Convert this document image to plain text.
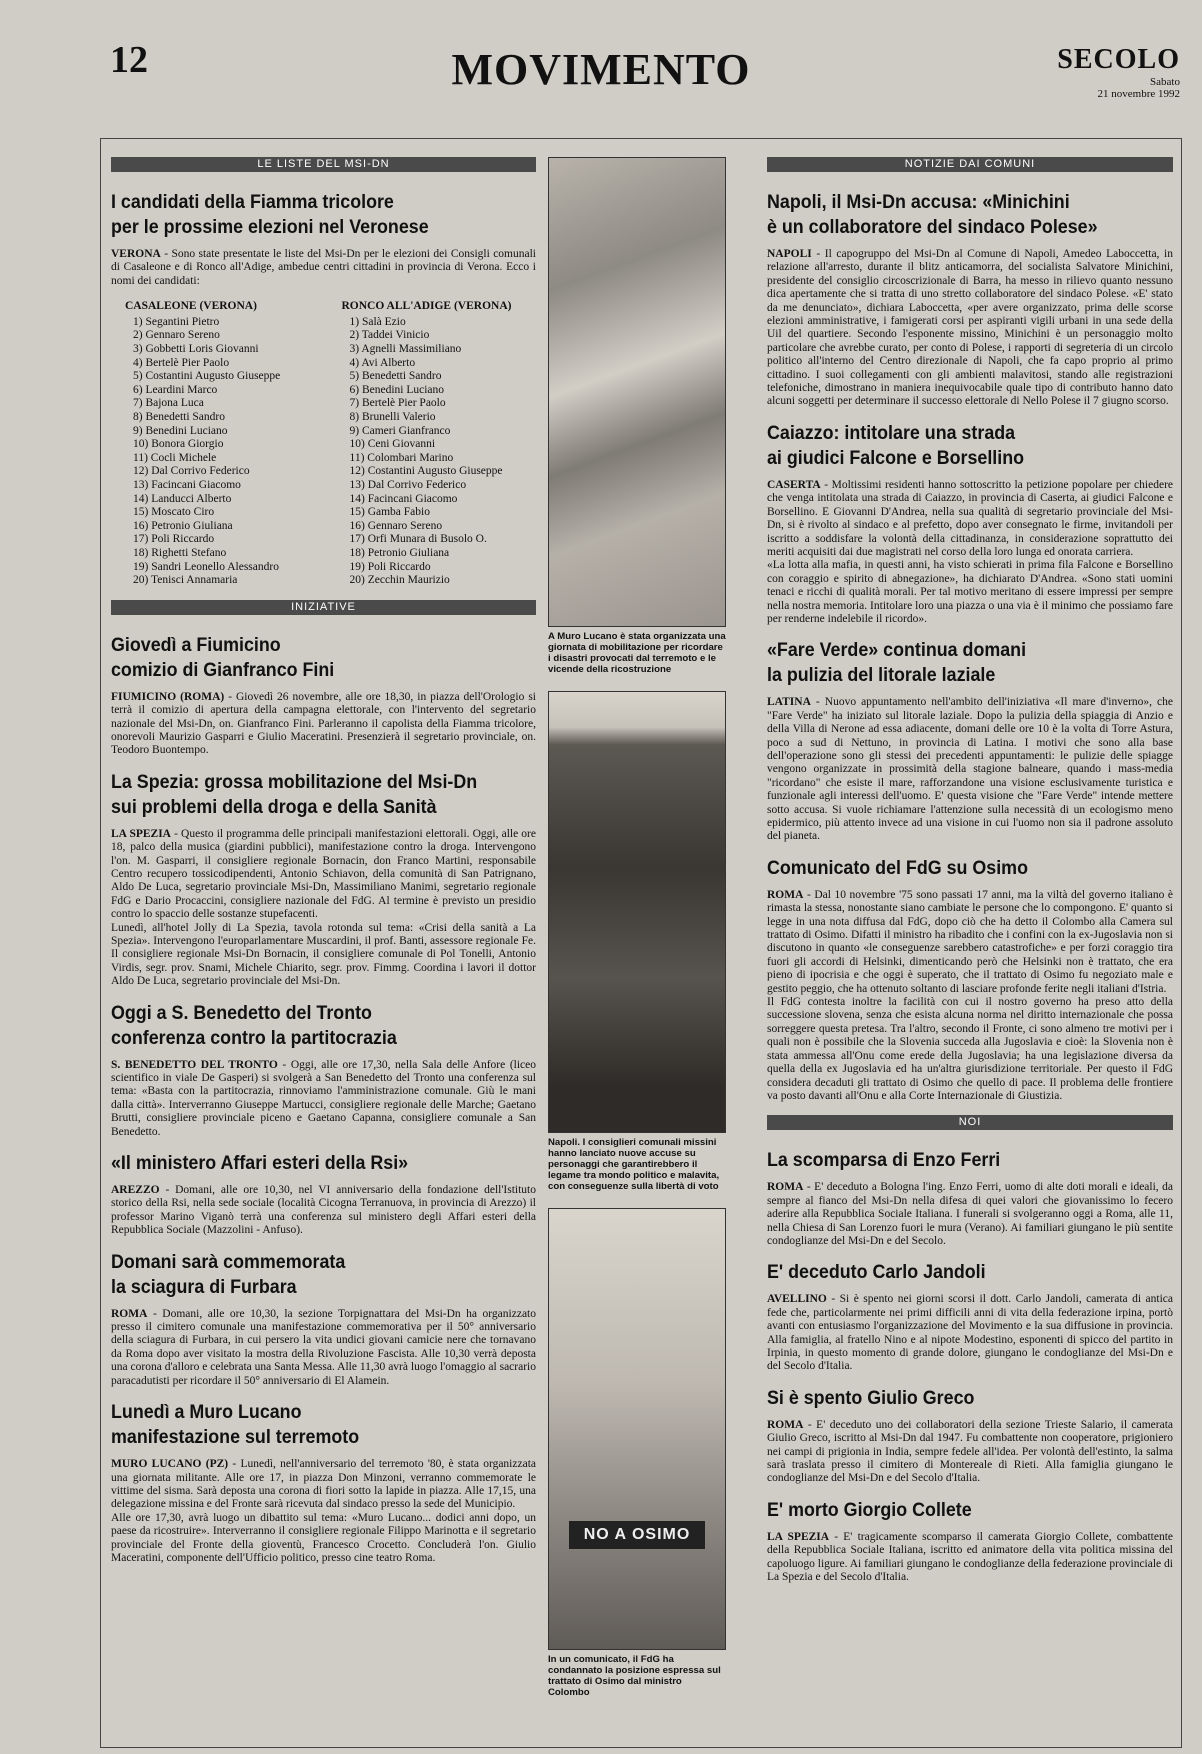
12	MOVIMENTO	SECOLO
Sabato
21 novembre 1992
LE LISTE DEL MSI-DN
I candidati della Fiamma tricolore
per le prossime elezioni nel Veronese

VERONA - Sono state presentate le liste del Msi-Dn per le elezioni dei Consigli comunali di Casaleone e di Ronco all'Adige, ambedue centri cittadini in provincia di Verona. Ecco i nomi dei candidati:

CASALEONE (VERONA)
1) Segantini Pietro
2) Gennaro Sereno
3) Gobbetti Loris Giovanni
4) Bertelè Pier Paolo
5) Costantini Augusto Giuseppe
6) Leardini Marco
7) Bajona Luca
8) Benedetti Sandro
9) Benedini Luciano
10) Bonora Giorgio
11) Cocli Michele
12) Dal Corrivo Federico
13) Facincani Giacomo
14) Landucci Alberto
15) Moscato Ciro
16) Petronio Giuliana
17) Poli Riccardo
18) Righetti Stefano
19) Sandri Leonello Alessandro
20) Tenisci Annamaria
RONCO ALL'ADIGE (VERONA)
1) Salà Ezio
2) Taddei Vinicio
3) Agnelli Massimiliano
4) Avi Alberto
5) Benedetti Sandro
6) Benedini Luciano
7) Bertelè Pier Paolo
8) Brunelli Valerio
9) Cameri Gianfranco
10) Ceni Giovanni
11) Colombari Marino
12) Costantini Augusto Giuseppe
13) Dal Corrivo Federico
14) Facincani Giacomo
15) Gamba Fabio
16) Gennaro Sereno
17) Orfi Munara di Busolo O.
18) Petronio Giuliana
19) Poli Riccardo
20) Zecchin Maurizio
INIZIATIVE
Giovedì a Fiumicino
comizio di Gianfranco Fini

FIUMICINO (ROMA) - Giovedì 26 novembre, alle ore 18,30, in piazza dell'Orologio si terrà il comizio di apertura della campagna elettorale, con l'intervento del segretario nazionale del Msi-Dn, on. Gianfranco Fini. Parleranno il capolista della Fiamma tricolore, onorevoli Maurizio Gasparri e Giulio Maceratini. Presenzierà il segretario provinciale, on. Teodoro Buontempo.

La Spezia: grossa mobilitazione del Msi-Dn
sui problemi della droga e della Sanità

LA SPEZIA - Questo il programma delle principali manifestazioni elettorali. Oggi, alle ore 18, palco della musica (giardini pubblici), manifestazione contro la droga. Intervengono l'on. M. Gasparri, il consigliere regionale Bornacin, don Franco Martini, responsabile Centro recupero tossicodipendenti, Antonio Schiavon, della comunità di San Patrignano, Aldo De Luca, segretario provinciale Msi-Dn, Massimiliano Manimi, segretario regionale FdG e Dario Procaccini, consigliere nazionale del FdG. Al termine è previsto un presidio contro lo spaccio delle sostanze stupefacenti.

Lunedì, all'hotel Jolly di La Spezia, tavola rotonda sul tema: «Crisi della sanità a La Spezia». Intervengono l'europarlamentare Muscardini, il prof. Banti, assessore regionale Fe. Il consigliere regionale Msi-Dn Bornacin, il consigliere comunale di Pol Tonelli, Antonio Virdis, segr. prov. Snami, Michele Chiarito, segr. prov. Fimmg. Coordina i lavori il dottor Aldo De Luca, segretario provinciale del Msi-Dn.

Oggi a S. Benedetto del Tronto
conferenza contro la partitocrazia

S. BENEDETTO DEL TRONTO - Oggi, alle ore 17,30, nella Sala delle Anfore (liceo scientifico in viale De Gasperi) si svolgerà a San Benedetto del Tronto una conferenza sul tema: «Basta con la partitocrazia, rinnoviamo l'amministrazione comunale. Giù le mani dalla città». Interverranno Giuseppe Martucci, consigliere regionale delle Marche; Gaetano Brutti, consigliere provinciale piceno e Gaetano Capanna, consigliere comunale a San Benedetto.

«Il ministero Affari esteri della Rsi»

AREZZO - Domani, alle ore 10,30, nel VI anniversario della fondazione dell'Istituto storico della Rsi, nella sede sociale (località Cicogna Terranuova, in provincia di Arezzo) il professor Marino Viganò terrà una conferenza sul ministero degli Affari esteri della Repubblica Sociale (Mazzolini - Anfuso).

Domani sarà commemorata
la sciagura di Furbara

ROMA - Domani, alle ore 10,30, la sezione Torpignattara del Msi-Dn ha organizzato presso il cimitero comunale una manifestazione commemorativa per il 50° anniversario della sciagura di Furbara, in cui persero la vita undici giovani camicie nere che tornavano da Roma dopo aver visitato la mostra della Rivoluzione Fascista. Alle 10,30 verrà deposta una corona d'alloro e celebrata una Santa Messa. Alle 11,30 avrà luogo l'omaggio al sacrario paracadutisti per ricordare il 50° anniversario di El Alamein.

Lunedì a Muro Lucano
manifestazione sul terremoto

MURO LUCANO (PZ) - Lunedì, nell'anniversario del terremoto '80, è stata organizzata una giornata militante. Alle ore 17, in piazza Don Minzoni, verranno commemorate le vittime del sisma. Sarà deposta una corona di fiori sotto la lapide in piazza. Alle 17,15, una delegazione missina e del Fronte sarà ricevuta dal sindaco presso la sede del Municipio.

Alle ore 17,30, avrà luogo un dibattito sul tema: «Muro Lucano... dodici anni dopo, un paese da ricostruire». Interverranno il consigliere regionale Filippo Marinotta e il segretario provinciale del Fronte della gioventù, Francesco Crocetto. Concluderà l'on. Giulio Maceratini, componente dell'Ufficio politico, presso cine teatro Roma.

A Muro Lucano è stata organizzata una giornata di mobilitazione per ricordare i disastri provocati dal terremoto e le vicende della ricostruzione
Napoli. I consiglieri comunali missini hanno lanciato nuove accuse su personaggi che garantirebbero il legame tra mondo politico e malavita, con conseguenze sulla libertà di voto
NO A OSIMO
In un comunicato, il FdG ha condannato la posizione espressa sul trattato di Osimo dal ministro Colombo
NOTIZIE DAI COMUNI
Napoli, il Msi-Dn accusa: «Minichini
è un collaboratore del sindaco Polese»

NAPOLI - Il capogruppo del Msi-Dn al Comune di Napoli, Amedeo Laboccetta, in relazione all'arresto, durante il blitz anticamorra, del socialista Salvatore Minichini, presidente del consiglio circoscrizionale di Barra, ha messo in rilievo quanto nessuno dica apertamente che si tratta di uno stretto collaboratore del sindaco Polese. «E' stato da me denunciato», dichiara Laboccetta, «per avere organizzato, prima delle scorse elezioni amministrative, i famigerati corsi per aspiranti vigili urbani in una sede della Uil del quartiere. Secondo l'esponente missino, Minichini è un personaggio molto particolare che avrebbe curato, per conto di Polese, i rapporti di segreteria di un circolo politico all'interno del Centro direzionale di Napoli, che fa capo proprio al primo cittadino. I suoi collegamenti con gli ambienti malavitosi, stando alle registrazioni telefoniche, dimostrano in maniera inequivocabile quale tipo di contributo hanno dato alcuni soggetti per determinare il successo elettorale di Nello Polese il 7 giugno scorso.

Caiazzo: intitolare una strada
ai giudici Falcone e Borsellino

CASERTA - Moltissimi residenti hanno sottoscritto la petizione popolare per chiedere che venga intitolata una strada di Caiazzo, in provincia di Caserta, ai giudici Falcone e Borsellino. E Giovanni D'Andrea, nella sua qualità di segretario provinciale del Msi-Dn, si è rivolto al sindaco e al prefetto, dopo aver consegnato le firme, invitandoli per iscritto a soddisfare la volontà della cittadinanza, in considerazione soprattutto dei meriti acquisiti dai due magistrati nel corso della loro lunga ed onorata carriera.

«La lotta alla mafia, in questi anni, ha visto schierati in prima fila Falcone e Borsellino con coraggio e spirito di abnegazione», ha dichiarato D'Andrea. «Sono stati uomini tenaci e ricchi di qualità morali. Per tal motivo meritano di essere impressi per sempre nella nostra memoria. Intitolare loro una piazza o una via è il minimo che possiamo fare per renderne indelebile il ricordo».

«Fare Verde» continua domani
la pulizia del litorale laziale

LATINA - Nuovo appuntamento nell'ambito dell'iniziativa «Il mare d'inverno», che "Fare Verde" ha iniziato sul litorale laziale. Dopo la pulizia della spiaggia di Anzio e della Villa di Nerone ad essa adiacente, domani delle ore 10 è la volta di Torre Astura, poco a sud di Nettuno, in provincia di Latina. I motivi che sono alla base dell'operazione sono gli stessi dei precedenti appuntamenti: le pulizie delle spiagge vengono organizzate in prossimità della stagione balneare, quando i mass-media "ricordano" che esiste il mare, rafforzandone una visione esclusivamente turistica e funzionale agli interessi dell'uomo. E' questa visione che "Fare Verde" intende mettere sotto accusa. Si vuole richiamare l'attenzione sulla necessità di un ecologismo meno epidermico, più attento invece ad una visione in cui l'uomo non sia il padrone assoluto del pianeta.

Comunicato del FdG su Osimo

ROMA - Dal 10 novembre '75 sono passati 17 anni, ma la viltà del governo italiano è rimasta la stessa, nonostante siano cambiate le persone che lo compongono. E' quanto si legge in una nota diffusa dal FdG, dopo ciò che ha detto il Colombo alla Camera sul trattato di Osimo. Difatti il ministro ha ribadito che i confini con la ex-Jugoslavia non si discutono in quanto «le conseguenze sarebbero catastrofiche» e per forzi coraggio tira fuori gli accordi di Helsinki, dimenticando però che Helsinki non è trattato, che era pieno di ipocrisia e che oggi è superato, che il trattato di Osimo fu negoziato male e gestito peggio, che ha ottenuto soltanto di lasciare profonde ferite negli italiani d'Istria.

Il FdG contesta inoltre la facilità con cui il nostro governo ha preso atto della successione slovena, senza che esista alcuna norma nel diritto internazionale che possa sorreggere questa pretesa. Tra l'altro, secondo il Fronte, ci sono almeno tre motivi per i quali non è possibile che la Slovenia succeda alla Jugoslavia e cioè: la Slovenia non è stata ammessa all'Onu come erede della Jugoslavia; ha una legislazione diversa da quella della ex Jugoslavia ed ha un'altra giurisdizione territoriale. Per questo il FdG considera decaduti gli trattato di Osimo che quello di pace. Il problema delle frontiere va posto davanti all'Onu e alla Corte Internazionale di Giustizia.

NOI
La scomparsa di Enzo Ferri

ROMA - E' deceduto a Bologna l'ing. Enzo Ferri, uomo di alte doti morali e ideali, da sempre al fianco del Msi-Dn nella difesa di quei valori che giovanissimo lo fecero aderire alla Repubblica Sociale Italiana. I funerali si svolgeranno oggi a Roma, alle 11, nella Chiesa di San Lorenzo fuori le mura (Verano). Ai familiari giungano le più sentite condoglianze del Msi-Dn e del Secolo.

E' deceduto Carlo Jandoli

AVELLINO - Si è spento nei giorni scorsi il dott. Carlo Jandoli, camerata di antica fede che, particolarmente nei primi difficili anni di vita della federazione irpina, portò avanti con entusiasmo l'organizzazione del Movimento e la sua diffusione in provincia. Alla famiglia, al fratello Nino e al nipote Modestino, esponenti di spicco del partito in Irpinia, in questo momento di grande dolore, giungano le condoglianze del Msi-Dn e del Secolo d'Italia.

Si è spento Giulio Greco

ROMA - E' deceduto uno dei collaboratori della sezione Trieste Salario, il camerata Giulio Greco, iscritto al Msi-Dn dal 1947. Fu combattente non cooperatore, prigioniero nei campi di prigionia in India, sempre fedele all'idea. Per volontà dell'estinto, la salma sarà traslata presso il cimitero di Montereale di Rieti. Alla famiglia giungano le condoglianze del Msi-Dn e del Secolo d'Italia.

E' morto Giorgio Collete

LA SPEZIA - E' tragicamente scomparso il camerata Giorgio Collete, combattente della Repubblica Sociale Italiana, iscritto ed animatore della vita politica missina del capoluogo ligure. Ai familiari giungano le condoglianze della federazione provinciale di La Spezia e del Secolo d'Italia.
